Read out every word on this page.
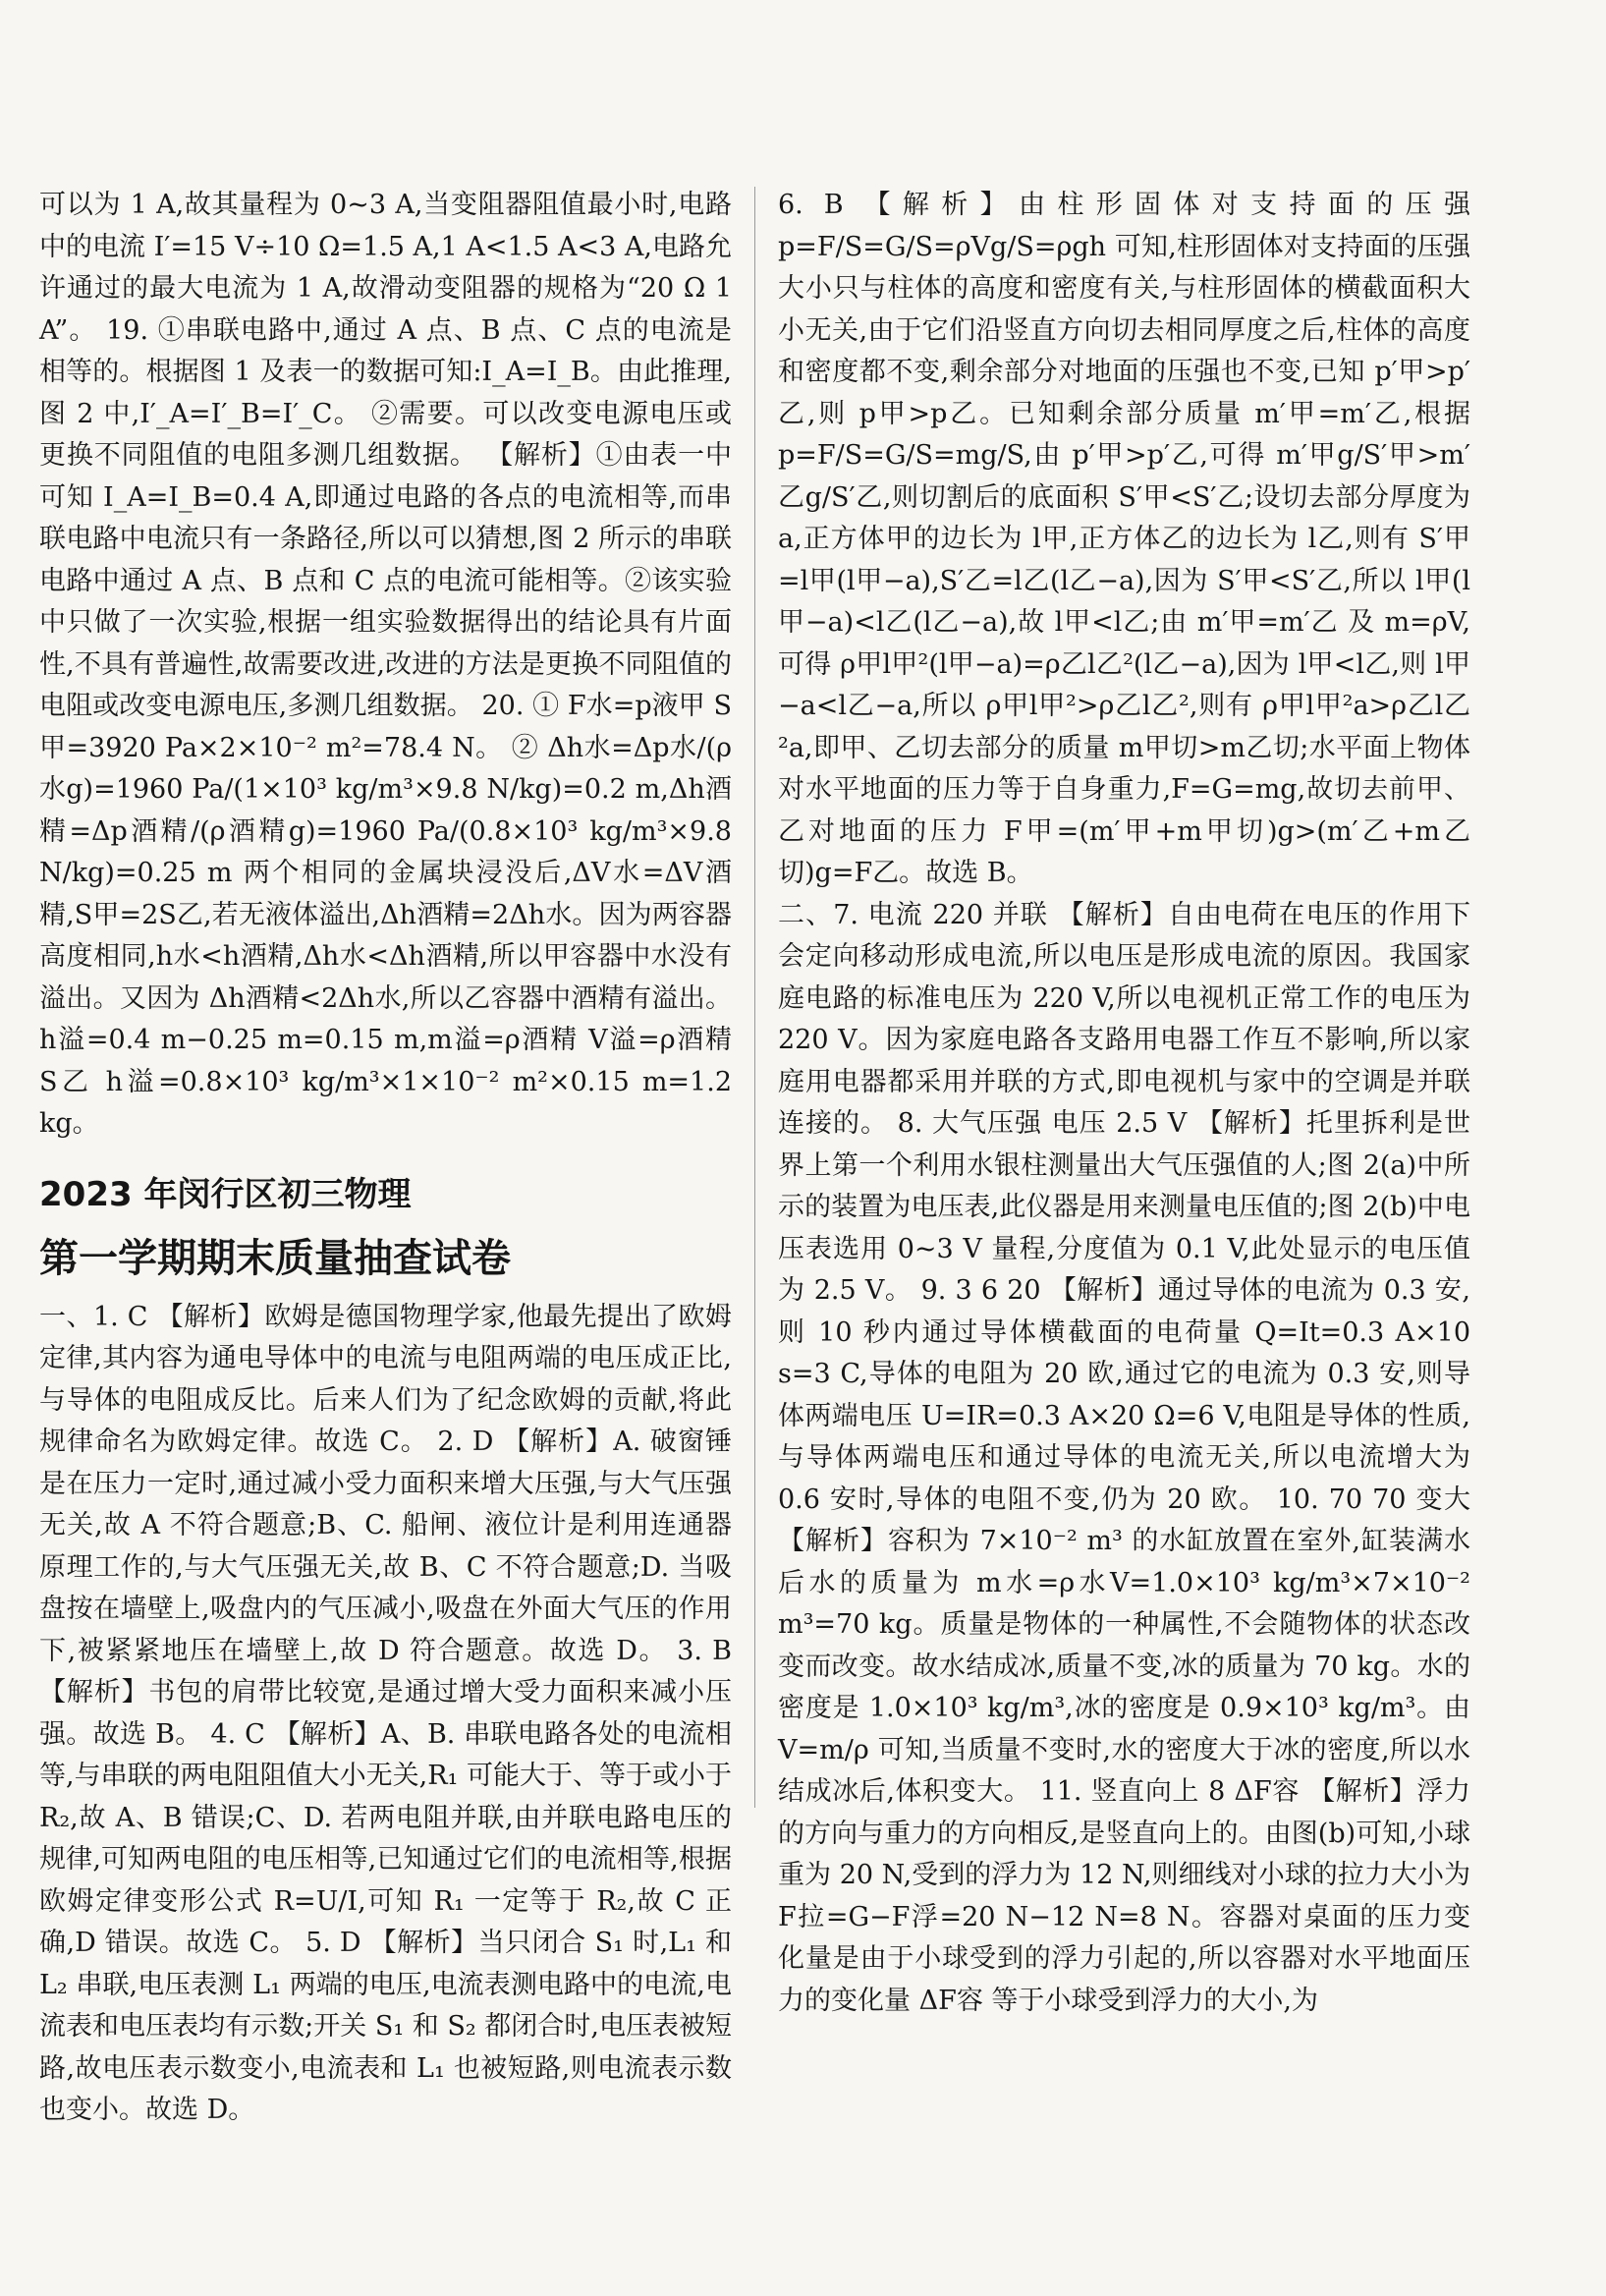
可以为 1 A,故其量程为 0~3 A,当变阻器阻值最小时,电路中的电流 I′=15 V÷10 Ω=1.5 A,1 A<1.5 A<3 A,电路允许通过的最大电流为 1 A,故滑动变阻器的规格为“20 Ω 1 A”。 19. ①串联电路中,通过 A 点、B 点、C 点的电流是相等的。根据图 1 及表一的数据可知:I_A=I_B。由此推理,图 2 中,I′_A=I′_B=I′_C。 ②需要。可以改变电源电压或更换不同阻值的电阻多测几组数据。 【解析】①由表一中可知 I_A=I_B=0.4 A,即通过电路的各点的电流相等,而串联电路中电流只有一条路径,所以可以猜想,图 2 所示的串联电路中通过 A 点、B 点和 C 点的电流可能相等。②该实验中只做了一次实验,根据一组实验数据得出的结论具有片面性,不具有普遍性,故需要改进,改进的方法是更换不同阻值的电阻或改变电源电压,多测几组数据。 20. ① F水=p液甲 S甲=3920 Pa×2×10⁻² m²=78.4 N。 ② Δh水=Δp水/(ρ水g)=1960 Pa/(1×10³ kg/m³×9.8 N/kg)=0.2 m,Δh酒精=Δp酒精/(ρ酒精g)=1960 Pa/(0.8×10³ kg/m³×9.8 N/kg)=0.25 m 两个相同的金属块浸没后,ΔV水=ΔV酒精,S甲=2S乙,若无液体溢出,Δh酒精=2Δh水。因为两容器高度相同,h水<h酒精,Δh水<Δh酒精,所以甲容器中水没有溢出。又因为 Δh酒精<2Δh水,所以乙容器中酒精有溢出。h溢=0.4 m−0.25 m=0.15 m,m溢=ρ酒精 V溢=ρ酒精 S乙 h溢=0.8×10³ kg/m³×1×10⁻² m²×0.15 m=1.2 kg。

2023 年闵行区初三物理

第一学期期末质量抽查试卷

一、1. C 【解析】欧姆是德国物理学家,他最先提出了欧姆定律,其内容为通电导体中的电流与电阻两端的电压成正比,与导体的电阻成反比。后来人们为了纪念欧姆的贡献,将此规律命名为欧姆定律。故选 C。 2. D 【解析】A. 破窗锤是在压力一定时,通过减小受力面积来增大压强,与大气压强无关,故 A 不符合题意;B、C. 船闸、液位计是利用连通器原理工作的,与大气压强无关,故 B、C 不符合题意;D. 当吸盘按在墙壁上,吸盘内的气压减小,吸盘在外面大气压的作用下,被紧紧地压在墙壁上,故 D 符合题意。故选 D。 3. B 【解析】书包的肩带比较宽,是通过增大受力面积来减小压强。故选 B。 4. C 【解析】A、B. 串联电路各处的电流相等,与串联的两电阻阻值大小无关,R₁ 可能大于、等于或小于 R₂,故 A、B 错误;C、D. 若两电阻并联,由并联电路电压的规律,可知两电阻的电压相等,已知通过它们的电流相等,根据欧姆定律变形公式 R=U/I,可知 R₁ 一定等于 R₂,故 C 正确,D 错误。故选 C。 5. D 【解析】当只闭合 S₁ 时,L₁ 和 L₂ 串联,电压表测 L₁ 两端的电压,电流表测电路中的电流,电流表和电压表均有示数;开关 S₁ 和 S₂ 都闭合时,电压表被短路,故电压表示数变小,电流表和 L₁ 也被短路,则电流表示数也变小。故选 D。

6. B 【解析】由柱形固体对支持面的压强 p=F/S=G/S=ρVg/S=ρgh 可知,柱形固体对支持面的压强大小只与柱体的高度和密度有关,与柱形固体的横截面积大小无关,由于它们沿竖直方向切去相同厚度之后,柱体的高度和密度都不变,剩余部分对地面的压强也不变,已知 p′甲>p′乙,则 p甲>p乙。已知剩余部分质量 m′甲=m′乙,根据 p=F/S=G/S=mg/S,由 p′甲>p′乙,可得 m′甲g/S′甲>m′乙g/S′乙,则切割后的底面积 S′甲<S′乙;设切去部分厚度为 a,正方体甲的边长为 l甲,正方体乙的边长为 l乙,则有 S′甲=l甲(l甲−a),S′乙=l乙(l乙−a),因为 S′甲<S′乙,所以 l甲(l甲−a)<l乙(l乙−a),故 l甲<l乙;由 m′甲=m′乙 及 m=ρV,可得 ρ甲l甲²(l甲−a)=ρ乙l乙²(l乙−a),因为 l甲<l乙,则 l甲−a<l乙−a,所以 ρ甲l甲²>ρ乙l乙²,则有 ρ甲l甲²a>ρ乙l乙²a,即甲、乙切去部分的质量 m甲切>m乙切;水平面上物体对水平地面的压力等于自身重力,F=G=mg,故切去前甲、乙对地面的压力 F甲=(m′甲+m甲切)g>(m′乙+m乙切)g=F乙。故选 B。

二、7. 电流 220 并联 【解析】自由电荷在电压的作用下会定向移动形成电流,所以电压是形成电流的原因。我国家庭电路的标准电压为 220 V,所以电视机正常工作的电压为 220 V。因为家庭电路各支路用电器工作互不影响,所以家庭用电器都采用并联的方式,即电视机与家中的空调是并联连接的。 8. 大气压强 电压 2.5 V 【解析】托里拆利是世界上第一个利用水银柱测量出大气压强值的人;图 2(a)中所示的装置为电压表,此仪器是用来测量电压值的;图 2(b)中电压表选用 0~3 V 量程,分度值为 0.1 V,此处显示的电压值为 2.5 V。 9. 3 6 20 【解析】通过导体的电流为 0.3 安,则 10 秒内通过导体横截面的电荷量 Q=It=0.3 A×10 s=3 C,导体的电阻为 20 欧,通过它的电流为 0.3 安,则导体两端电压 U=IR=0.3 A×20 Ω=6 V,电阻是导体的性质,与导体两端电压和通过导体的电流无关,所以电流增大为 0.6 安时,导体的电阻不变,仍为 20 欧。 10. 70 70 变大 【解析】容积为 7×10⁻² m³ 的水缸放置在室外,缸装满水后水的质量为 m水=ρ水V=1.0×10³ kg/m³×7×10⁻² m³=70 kg。质量是物体的一种属性,不会随物体的状态改变而改变。故水结成冰,质量不变,冰的质量为 70 kg。水的密度是 1.0×10³ kg/m³,冰的密度是 0.9×10³ kg/m³。由 V=m/ρ 可知,当质量不变时,水的密度大于冰的密度,所以水结成冰后,体积变大。 11. 竖直向上 8 ΔF容 【解析】浮力的方向与重力的方向相反,是竖直向上的。由图(b)可知,小球重为 20 N,受到的浮力为 12 N,则细线对小球的拉力大小为 F拉=G−F浮=20 N−12 N=8 N。容器对桌面的压力变化量是由于小球受到的浮力引起的,所以容器对水平地面压力的变化量 ΔF容 等于小球受到浮力的大小,为
